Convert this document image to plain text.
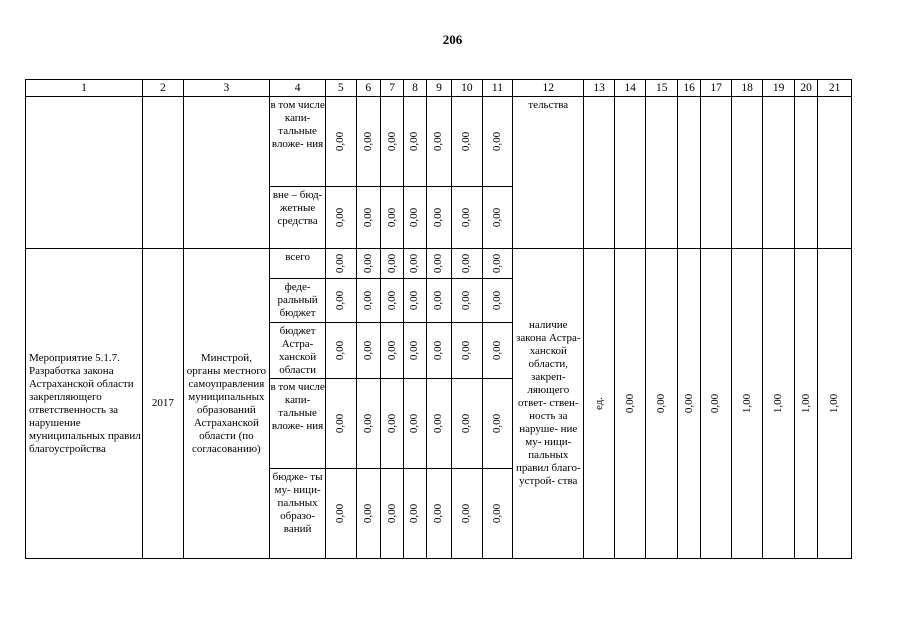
206
1	2	3	4	5	6	7	8	9	10	11	12	13	14	15	16	17	18	19	20	21
			в том числе капи- тальные вложе- ния	0,00	0,00	0,00	0,00	0,00	0,00	0,00	тельства									
			вне – бюд- жетные средства	0,00	0,00	0,00	0,00	0,00	0,00	0,00										
Мероприятие 5.1.7. Разработка закона Астраханской области закрепляющего ответственность за нарушение муниципальных правил благоустройства	2017	Минстрой, органы местного самоуправления муниципальных образований Астраханской области (по согласованию)	всего	0,00	0,00	0,00	0,00	0,00	0,00	0,00	наличие закона Астра- ханской области, закреп- ляющего ответ- ствен- ность за наруше- ние му- ници- пальных правил благо- устрой- ства	ед.	0,00	0,00	0,00	0,00	1,00	1,00	1,00	1,00
			феде- ральный бюджет	0,00	0,00	0,00	0,00	0,00	0,00	0,00										
			бюджет Астра- ханской области	0,00	0,00	0,00	0,00	0,00	0,00	0,00										
			в том числе капи- тальные вложе- ния	0,00	0,00	0,00	0,00	0,00	0,00	0,00										
			бюдже- ты му- ници- пальных образо- ваний	0,00	0,00	0,00	0,00	0,00	0,00	0,00										
